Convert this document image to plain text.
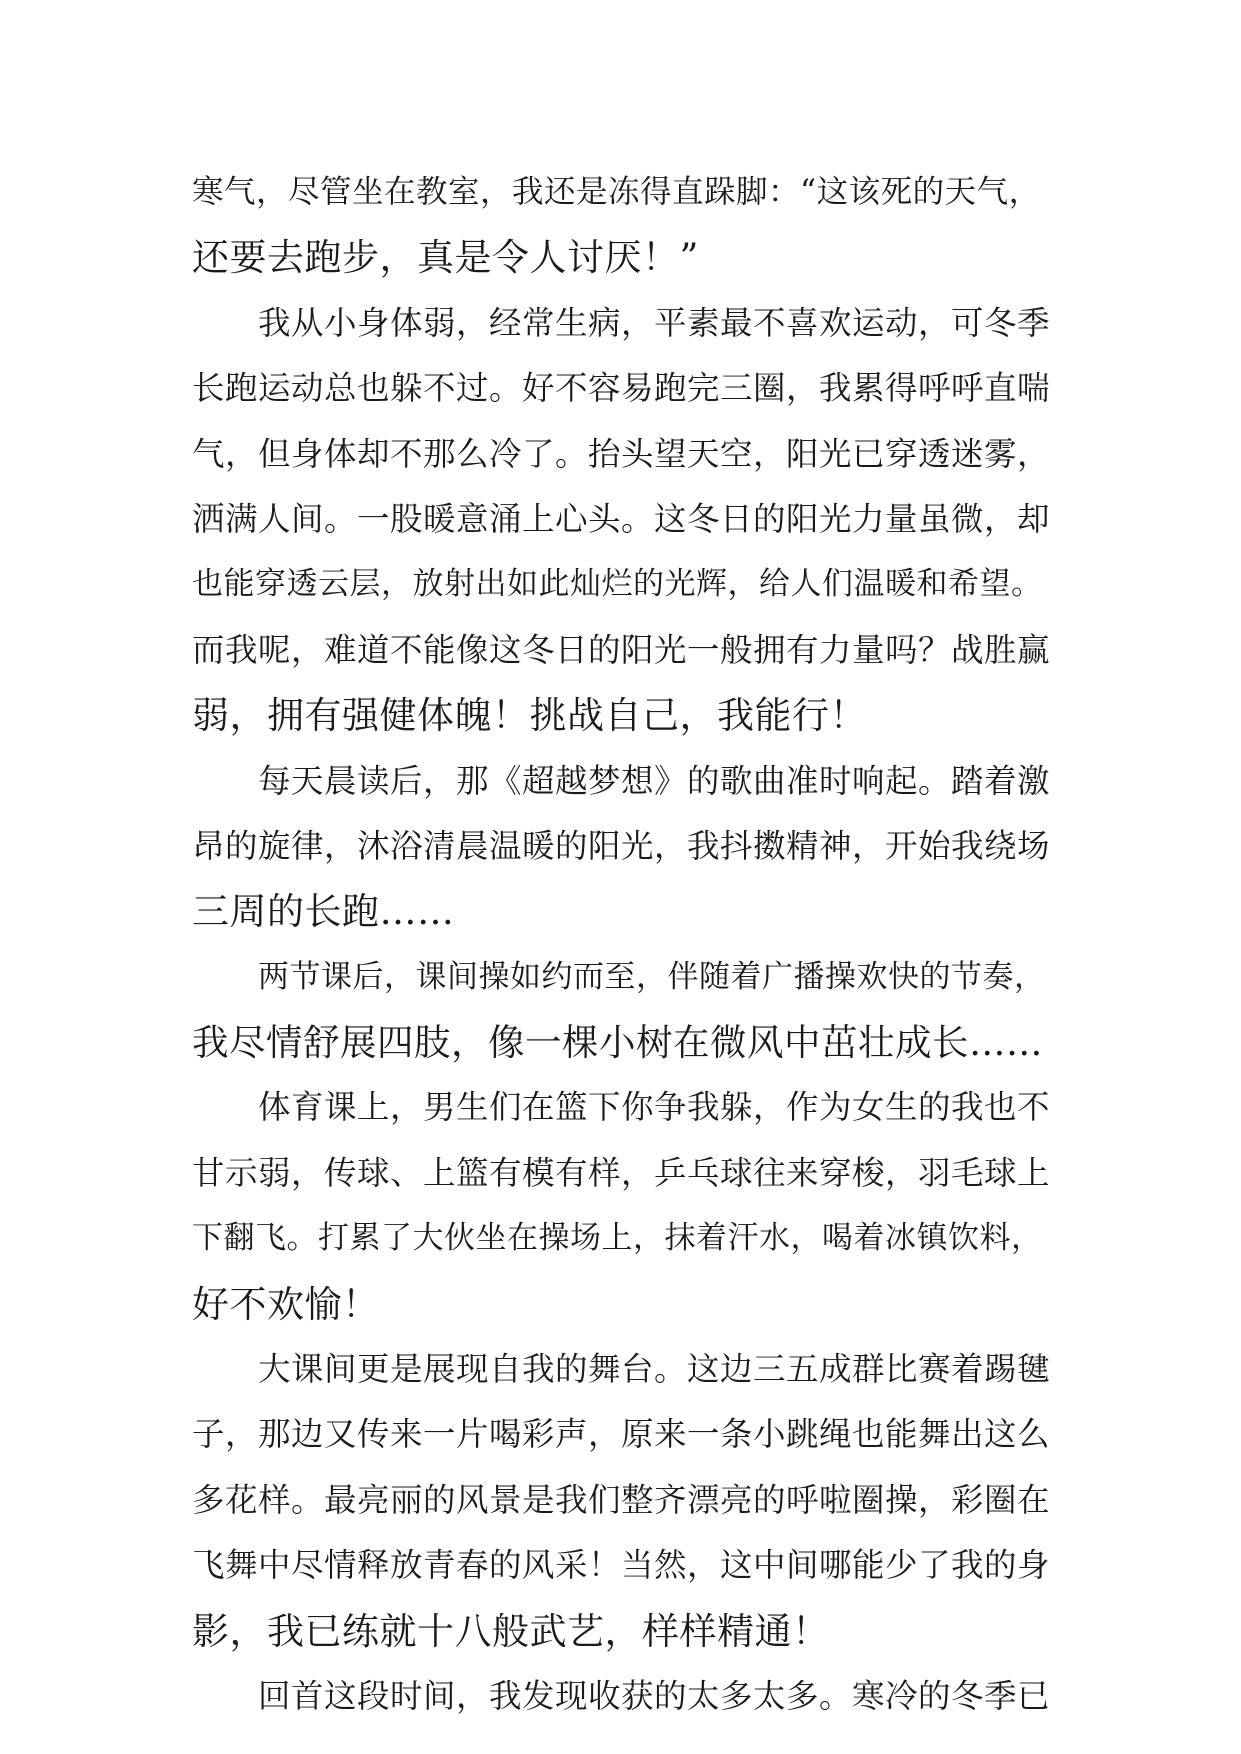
寒气，尽管坐在教室，我还是冻得直跺脚：“这该死的天气，
还要去跑步，真是令人讨厌！”
我从小身体弱，经常生病，平素最不喜欢运动，可冬季
长跑运动总也躲不过。好不容易跑完三圈，我累得呼呼直喘
气，但身体却不那么冷了。抬头望天空，阳光已穿透迷雾，
洒满人间。一股暖意涌上心头。这冬日的阳光力量虽微，却
也能穿透云层，放射出如此灿烂的光辉，给人们温暖和希望。
而我呢，难道不能像这冬日的阳光一般拥有力量吗？战胜赢
弱，拥有强健体魄！挑战自己，我能行！
每天晨读后，那《超越梦想》的歌曲准时响起。踏着激
昂的旋律，沐浴清晨温暖的阳光，我抖擞精神，开始我绕场
三周的长跑……
两节课后，课间操如约而至，伴随着广播操欢快的节奏，
我尽情舒展四肢，像一棵小树在微风中茁壮成长……
体育课上，男生们在篮下你争我躲，作为女生的我也不
甘示弱，传球、上篮有模有样，乒乓球往来穿梭，羽毛球上
下翻飞。打累了大伙坐在操场上，抹着汗水，喝着冰镇饮料，
好不欢愉！
大课间更是展现自我的舞台。这边三五成群比赛着踢毽
子，那边又传来一片喝彩声，原来一条小跳绳也能舞出这么
多花样。最亮丽的风景是我们整齐漂亮的呼啦圈操，彩圈在
飞舞中尽情释放青春的风采！当然，这中间哪能少了我的身
影，我已练就十八般武艺，样样精通！
回首这段时间，我发现收获的太多太多。寒冷的冬季已
